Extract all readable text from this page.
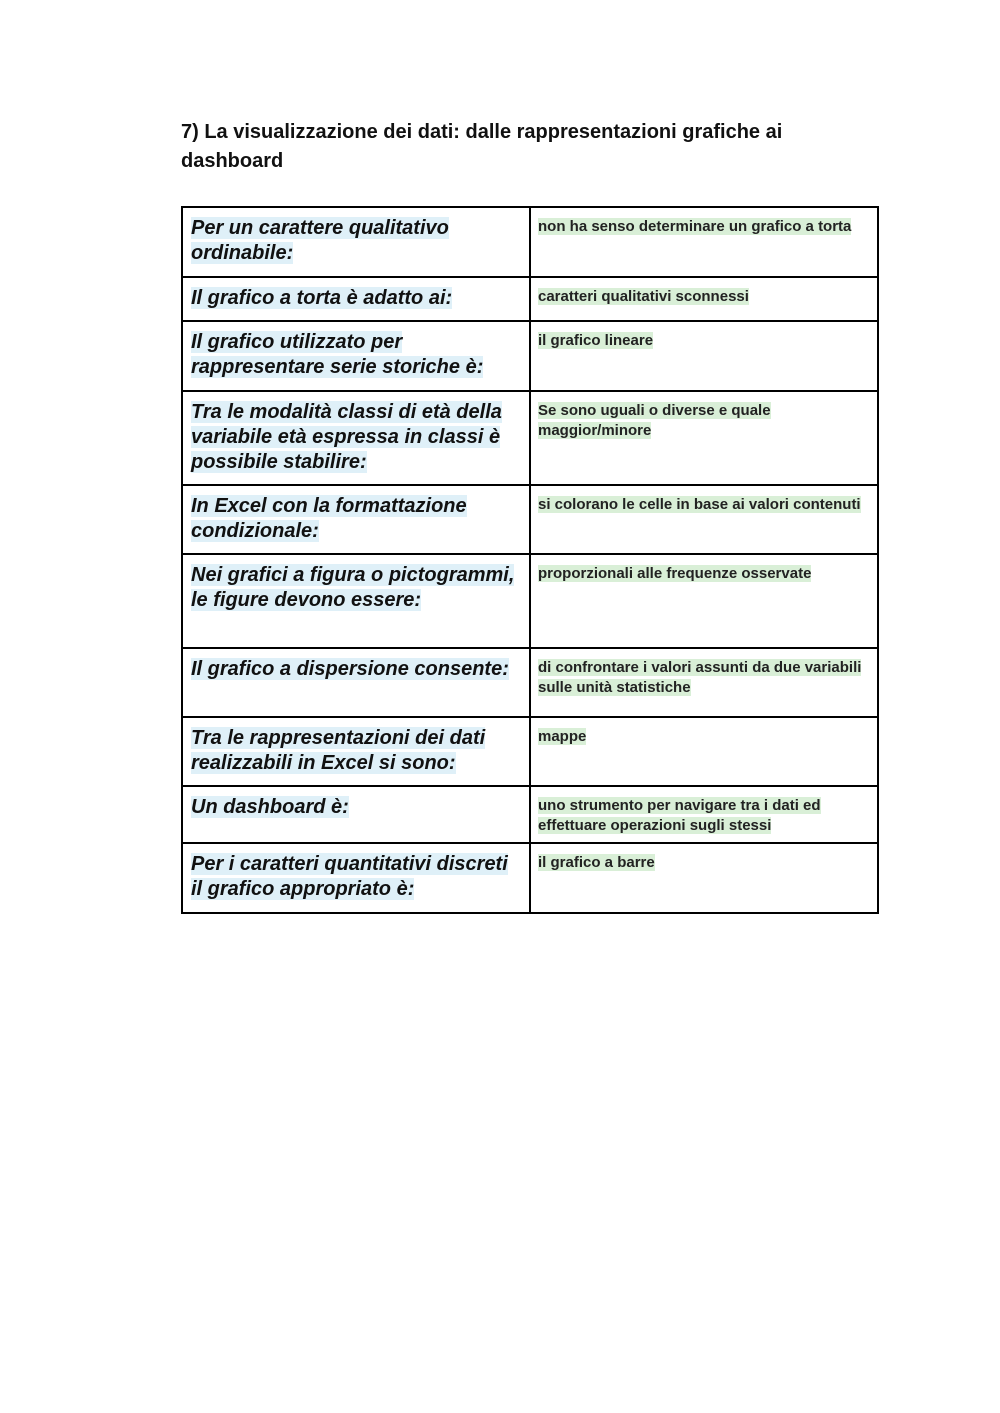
7) La visualizzazione dei dati: dalle rappresentazioni grafiche ai dashboard
Per un carattere qualitativo ordinabile:	non ha senso determinare un grafico a torta
Il grafico a torta è adatto ai:	caratteri qualitativi sconnessi
Il grafico utilizzato per rappresentare serie storiche è:	il grafico lineare
Tra le modalità classi di età della variabile età espressa in classi è possibile stabilire:	Se sono uguali o diverse e quale maggior/minore
In Excel con la formattazione condizionale:	si colorano le celle in base ai valori contenuti
Nei grafici a figura o pictogrammi, le figure devono essere:	proporzionali alle frequenze osservate
Il grafico a dispersione consente:	di confrontare i valori assunti da due variabili sulle unità statistiche
Tra le rappresentazioni dei dati realizzabili in Excel si sono:	mappe
Un dashboard è:	uno strumento per navigare tra i dati ed effettuare operazioni sugli stessi
Per i caratteri quantitativi discreti il grafico appropriato è:	il grafico a barre
